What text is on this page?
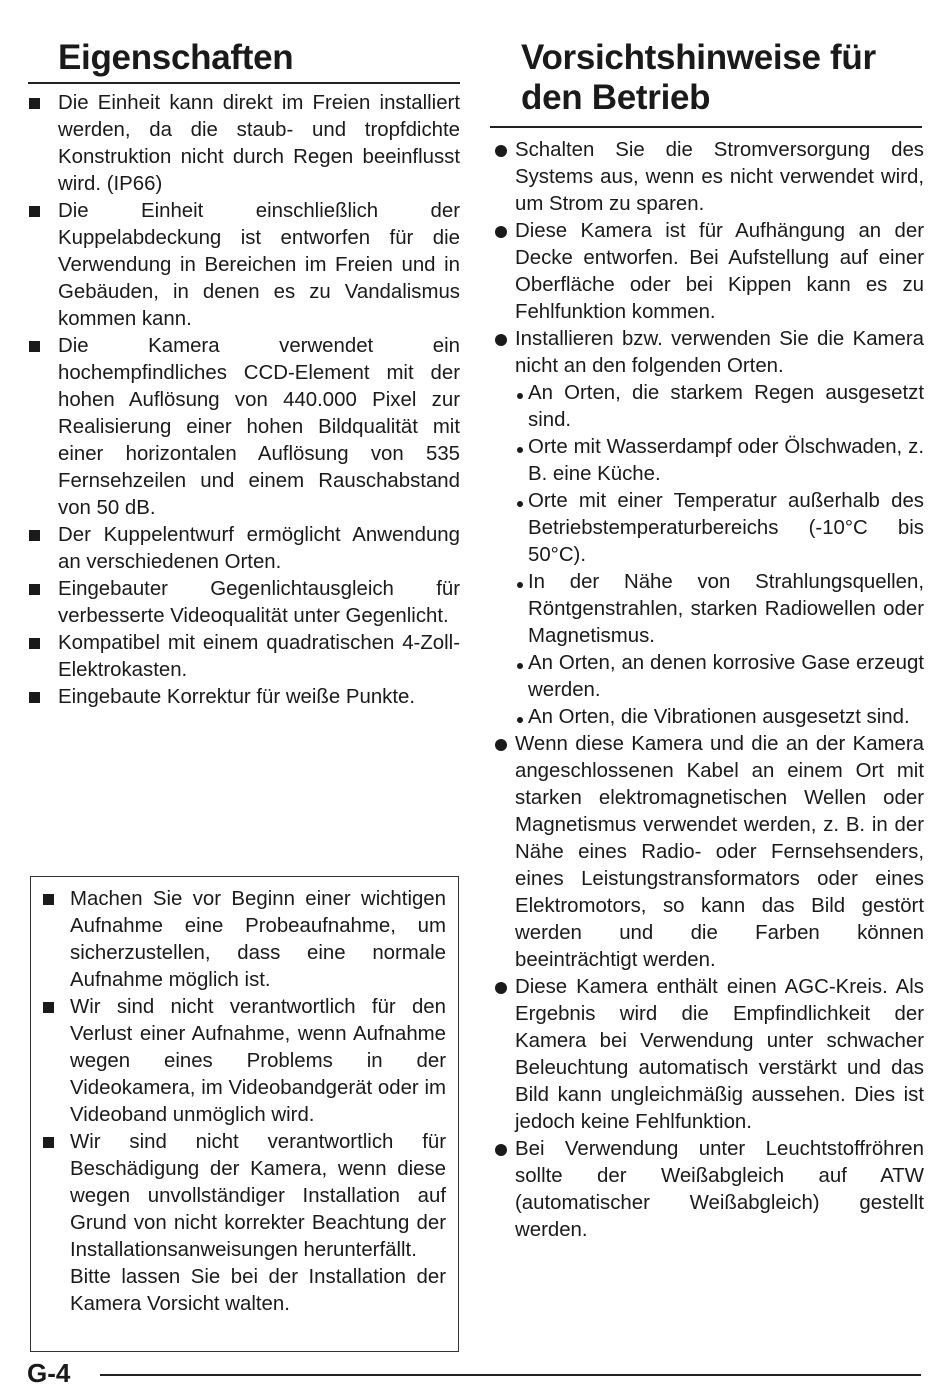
Eigenschaften
Die Einheit kann direkt im Freien installiert werden, da die staub- und tropfdichte Konstruktion nicht durch Regen beeinflusst wird. (IP66)
Die Einheit einschließlich der Kuppelabdeckung ist entworfen für die Verwendung in Bereichen im Freien und in Gebäuden, in denen es zu Vandalismus kommen kann.
Die Kamera verwendet ein hochempfindliches CCD-Element mit der hohen Auflösung von 440.000 Pixel zur Realisierung einer hohen Bildqualität mit einer horizontalen Auflösung von 535 Fernsehzeilen und einem Rauschabstand von 50 dB.
Der Kuppelentwurf ermöglicht Anwendung an verschiedenen Orten.
Eingebauter Gegenlichtausgleich für verbesserte Videoqualität unter Gegenlicht.
Kompatibel mit einem quadratischen 4-Zoll-Elektrokasten.
Eingebaute Korrektur für weiße Punkte.
Machen Sie vor Beginn einer wichtigen Aufnahme eine Probeaufnahme, um sicherzustellen, dass eine normale Aufnahme möglich ist.
Wir sind nicht verantwortlich für den Verlust einer Aufnahme, wenn Aufnahme wegen eines Problems in der Videokamera, im Videobandgerät oder im Videoband unmöglich wird.
Wir sind nicht verantwortlich für Beschädigung der Kamera, wenn diese wegen unvollständiger Installation auf Grund von nicht korrekter Beachtung der Installationsanweisungen herunterfällt.
Bitte lassen Sie bei der Installation der Kamera Vorsicht walten.
Vorsichtshinweise für
den Betrieb
Schalten Sie die Stromversorgung des Systems aus, wenn es nicht verwendet wird, um Strom zu sparen.
Diese Kamera ist für Aufhängung an der Decke entworfen. Bei Aufstellung auf einer Oberfläche oder bei Kippen kann es zu Fehlfunktion kommen.
Installieren bzw. verwenden Sie die Kamera nicht an den folgenden Orten.
An Orten, die starkem Regen ausgesetzt sind.
Orte mit Wasserdampf oder Ölschwaden, z. B. eine Küche.
Orte mit einer Temperatur außerhalb des Betriebstemperaturbereichs (-10°C bis 50°C).
In der Nähe von Strahlungsquellen, Röntgenstrahlen, starken Radiowellen oder Magnetismus.
An Orten, an denen korrosive Gase erzeugt werden.
An Orten, die Vibrationen ausgesetzt sind.
Wenn diese Kamera und die an der Kamera angeschlossenen Kabel an einem Ort mit starken elektromagnetischen Wellen oder Magnetismus verwendet werden, z. B. in der Nähe eines Radio- oder Fernsehsenders, eines Leistungstransformators oder eines Elektromotors, so kann das Bild gestört werden und die Farben können beeinträchtigt werden.
Diese Kamera enthält einen AGC-Kreis. Als Ergebnis wird die Empfindlichkeit der Kamera bei Verwendung unter schwacher Beleuchtung automatisch verstärkt und das Bild kann ungleichmäßig aussehen. Dies ist jedoch keine Fehlfunktion.
Bei Verwendung unter Leuchtstoffröhren sollte der Weißabgleich auf ATW (automatischer Weißabgleich) gestellt werden.
G-4
